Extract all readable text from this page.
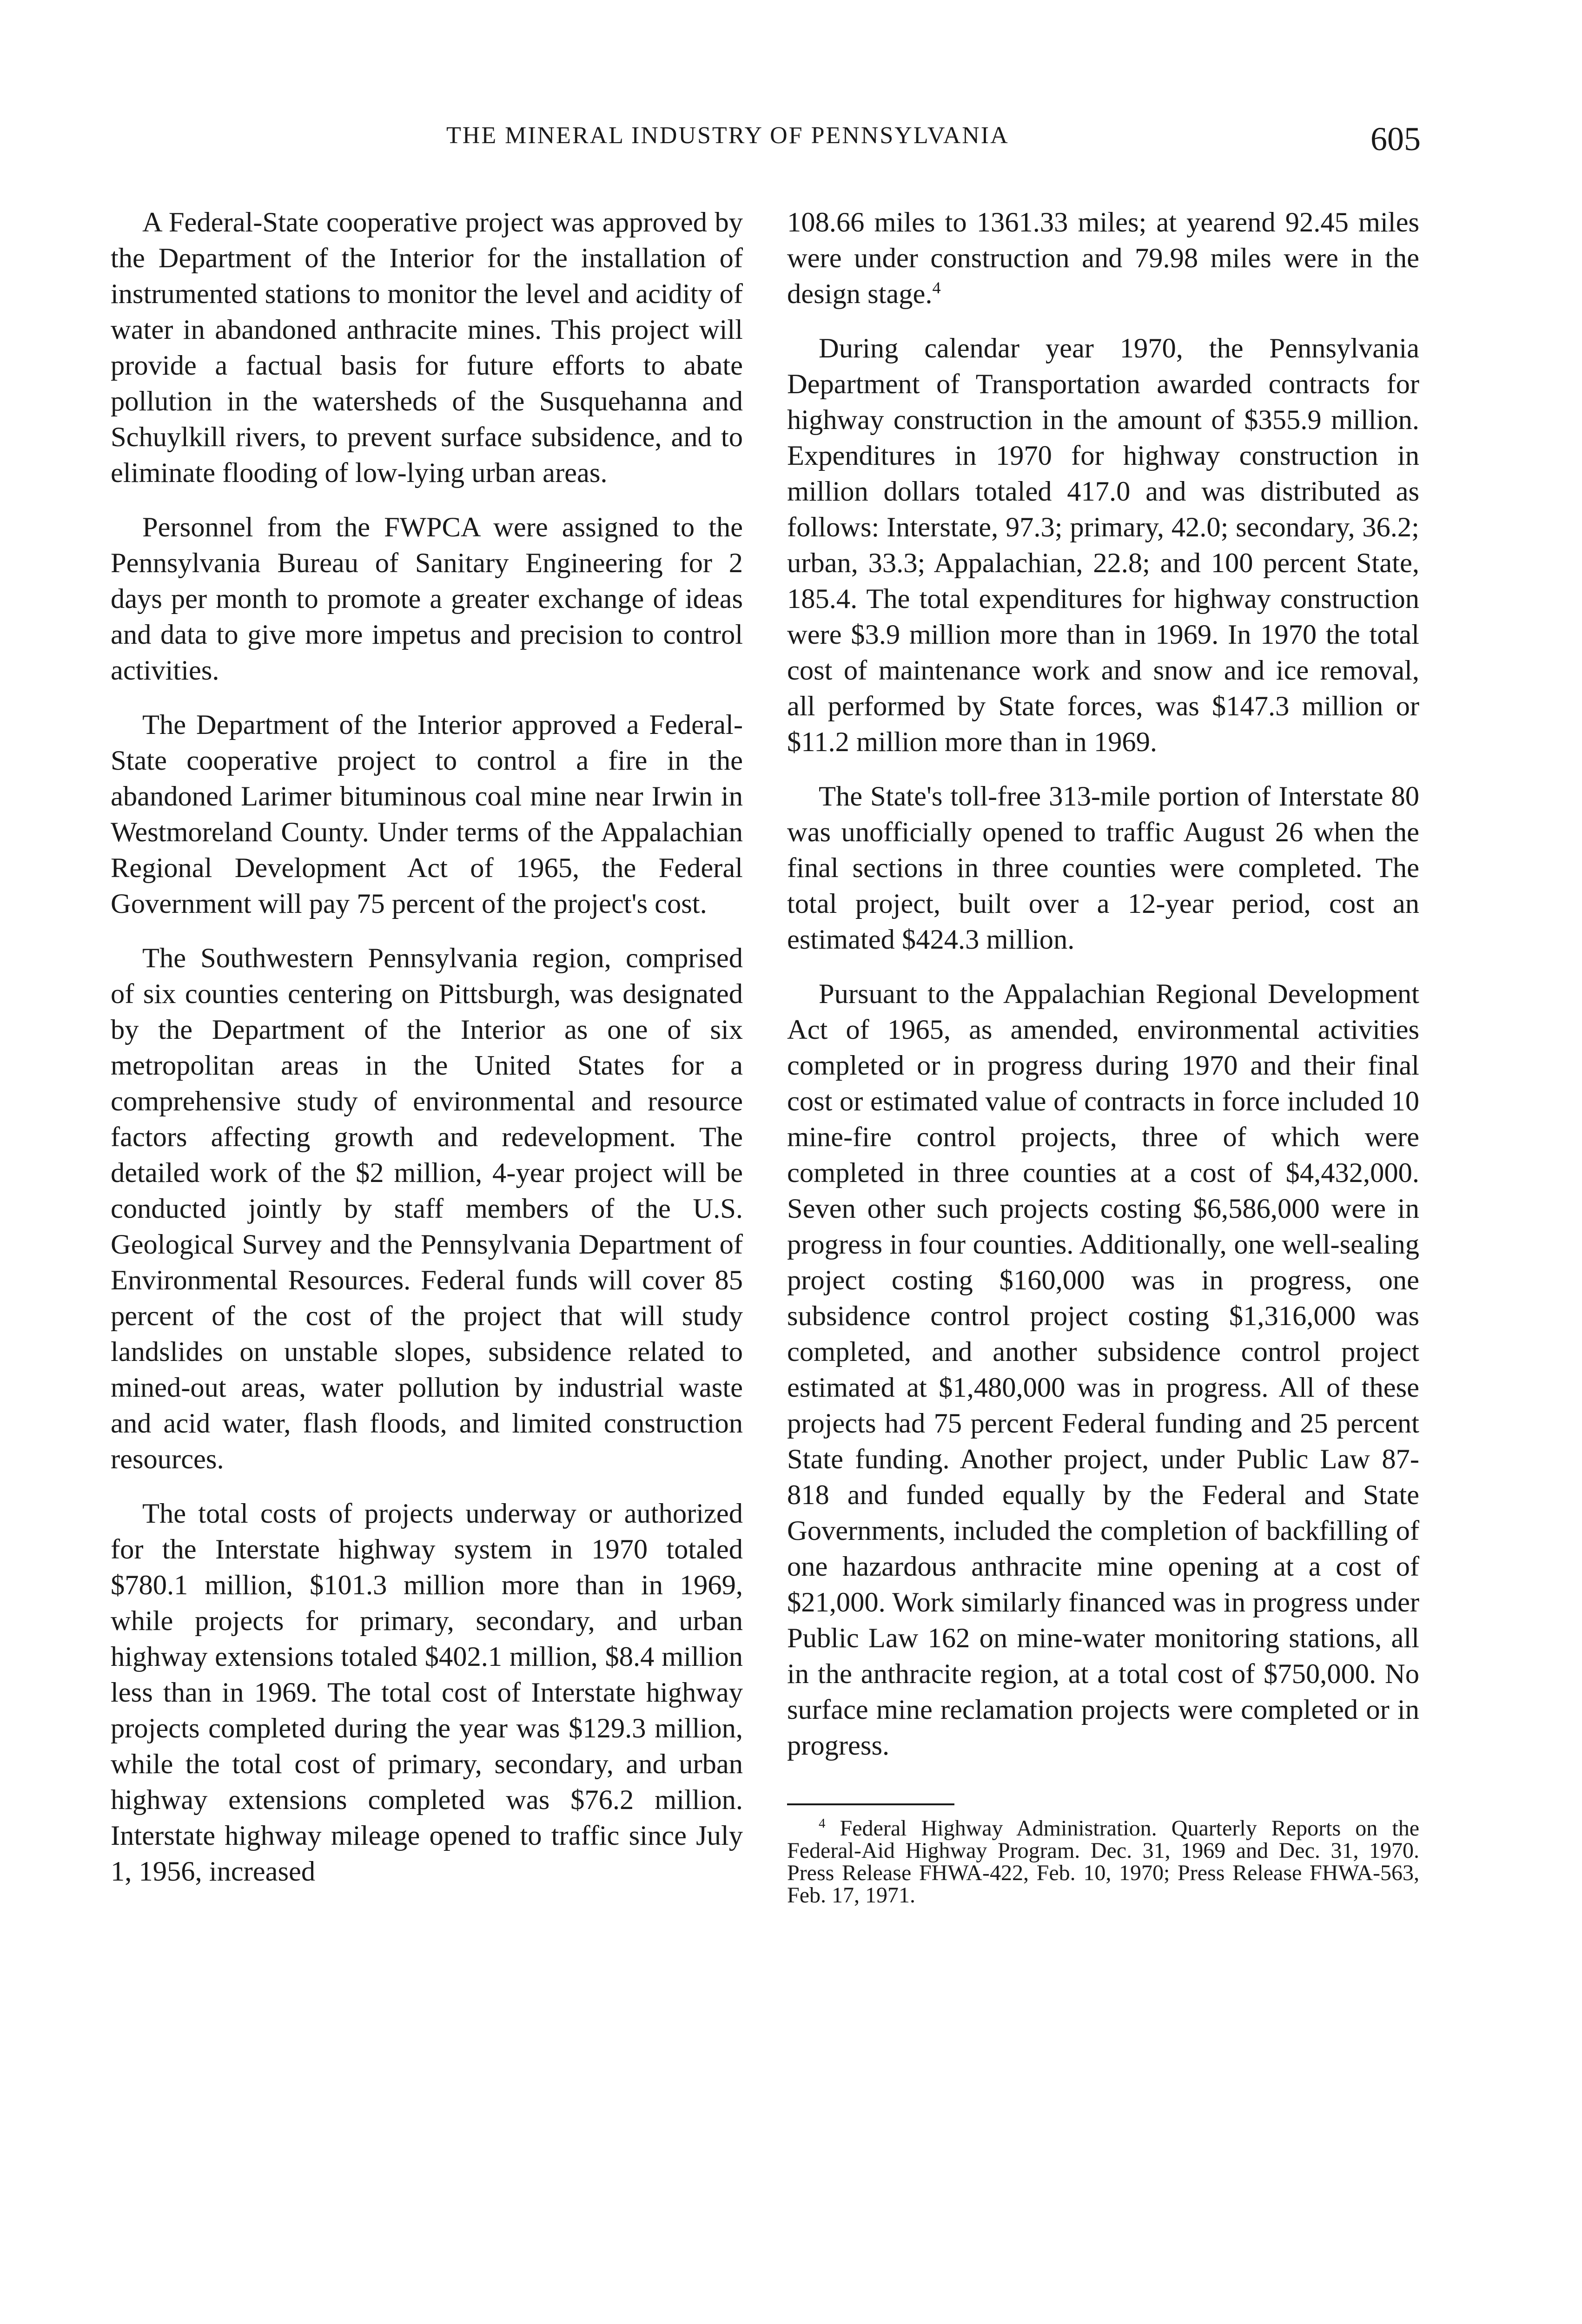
THE MINERAL INDUSTRY OF PENNSYLVANIA	605

A Federal-State cooperative project was approved by the Department of the Interior for the installation of instrumented stations to monitor the level and acidity of water in abandoned anthracite mines. This project will provide a factual basis for future efforts to abate pollution in the watersheds of the Susquehanna and Schuylkill rivers, to prevent surface subsidence, and to eliminate flooding of low-lying urban areas.

Personnel from the FWPCA were assigned to the Pennsylvania Bureau of Sanitary Engineering for 2 days per month to promote a greater exchange of ideas and data to give more impetus and precision to control activities.

The Department of the Interior approved a Federal-State cooperative project to control a fire in the abandoned Larimer bituminous coal mine near Irwin in Westmoreland County. Under terms of the Appalachian Regional Development Act of 1965, the Federal Government will pay 75 percent of the project's cost.

The Southwestern Pennsylvania region, comprised of six counties centering on Pittsburgh, was designated by the Department of the Interior as one of six metropolitan areas in the United States for a comprehensive study of environmental and resource factors affecting growth and redevelopment. The detailed work of the $2 million, 4-year project will be conducted jointly by staff members of the U.S. Geological Survey and the Pennsylvania Department of Environmental Resources. Federal funds will cover 85 percent of the cost of the project that will study landslides on unstable slopes, subsidence related to mined-out areas, water pollution by industrial waste and acid water, flash floods, and limited construction resources.

The total costs of projects underway or authorized for the Interstate highway system in 1970 totaled $780.1 million, $101.3 million more than in 1969, while projects for primary, secondary, and urban highway extensions totaled $402.1 million, $8.4 million less than in 1969. The total cost of Interstate highway projects completed during the year was $129.3 million, while the total cost of primary, secondary, and urban highway extensions completed was $76.2 million. Interstate highway mileage opened to traffic since July 1, 1956, increased

108.66 miles to 1361.33 miles; at yearend 92.45 miles were under construction and 79.98 miles were in the design stage.$^4$

During calendar year 1970, the Pennsylvania Department of Transportation awarded contracts for highway construction in the amount of $355.9 million. Expenditures in 1970 for highway construction in million dollars totaled 417.0 and was distributed as follows: Interstate, 97.3; primary, 42.0; secondary, 36.2; urban, 33.3; Appalachian, 22.8; and 100 percent State, 185.4. The total expenditures for highway construction were $3.9 million more than in 1969. In 1970 the total cost of maintenance work and snow and ice removal, all performed by State forces, was $147.3 million or $11.2 million more than in 1969.

The State's toll-free 313-mile portion of Interstate 80 was unofficially opened to traffic August 26 when the final sections in three counties were completed. The total project, built over a 12-year period, cost an estimated $424.3 million.

Pursuant to the Appalachian Regional Development Act of 1965, as amended, environmental activities completed or in progress during 1970 and their final cost or estimated value of contracts in force included 10 mine-fire control projects, three of which were completed in three counties at a cost of $4,432,000. Seven other such projects costing $6,586,000 were in progress in four counties. Additionally, one well-sealing project costing $160,000 was in progress, one subsidence control project costing $1,316,000 was completed, and another subsidence control project estimated at $1,480,000 was in progress. All of these projects had 75 percent Federal funding and 25 percent State funding. Another project, under Public Law 87-818 and funded equally by the Federal and State Governments, included the completion of backfilling of one hazardous anthracite mine opening at a cost of $21,000. Work similarly financed was in progress under Public Law 162 on mine-water monitoring stations, all in the anthracite region, at a total cost of $750,000. No surface mine reclamation projects were completed or in progress.

$^4$ Federal Highway Administration. Quarterly Reports on the Federal-Aid Highway Program. Dec. 31, 1969 and Dec. 31, 1970. Press Release FHWA-422, Feb. 10, 1970; Press Release FHWA-563, Feb. 17, 1971.
